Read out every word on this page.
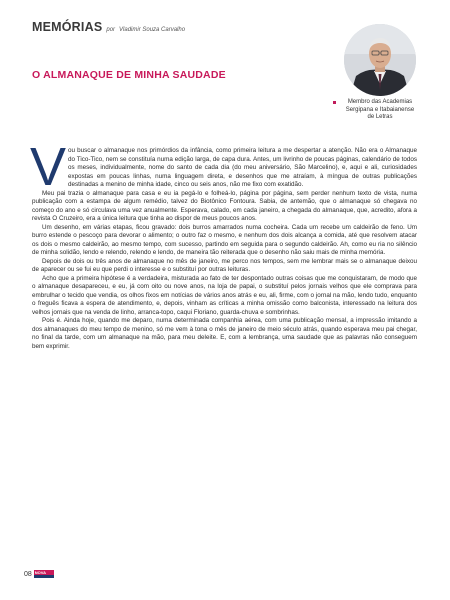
MEMÓRIAS por Vladimir Souza Carvalho
Membro das Academias
Sergipana e Itabaianense
de Letras
O ALMANAQUE DE MINHA SAUDADE
V ou buscar o almanaque nos primórdios da infância, como primeira leitura a me despertar a atenção. Não era o Almanaque do Tico-Tico, nem se constituía numa edição larga, de capa dura. Antes, um livrinho de poucas páginas, calendário de todos os meses, individualmente, nome do santo de cada dia (do meu aniversário, São Marcelino), e, aqui e ali, curiosidades expostas em poucas linhas, numa linguagem direta, e desenhos que me atraíam, à míngua de outras publicações destinadas a menino de minha idade, cinco ou seis anos, não me fixo com exatidão.

Meu pai trazia o almanaque para casa e eu ia pegá-lo e folheá-lo, página por página, sem perder nenhum texto de vista, numa publicação com a estampa de algum remédio, talvez do Biotônico Fontoura. Sabia, de antemão, que o almanaque só chegava no começo do ano e só circulava uma vez anualmente. Esperava, calado, em cada janeiro, a chegada do almanaque, que, acredito, afora a revista O Cruzeiro, era a única leitura que tinha ao dispor de meus poucos anos.

Um desenho, em várias etapas, ficou gravado: dois burros amarrados numa cocheira. Cada um recebe um caldeirão de feno. Um burro estende o pescoço para devorar o alimento; o outro faz o mesmo, e nenhum dos dois alcança a comida, até que resolvem atacar os dois o mesmo caldeirão, ao mesmo tempo, com sucesso, partindo em seguida para o segundo caldeirão. Ah, como eu ria no silêncio de minha solidão, lendo e relendo, relendo e lendo, de maneira tão reiterada que o desenho não saiu mais de minha memória.

Depois de dois ou três anos de almanaque no mês de janeiro, me perco nos tempos, sem me lembrar mais se o almanaque deixou de aparecer ou se fui eu que perdi o interesse e o substituí por outras leituras.

Acho que a primeira hipótese é a verdadeira, misturada ao fato de ter despontado outras coisas que me conquistaram, de modo que o almanaque desapareceu, e eu, já com oito ou nove anos, na loja de papai, o substituí pelos jornais velhos que ele comprava para embrulhar o tecido que vendia, os olhos fixos em notícias de vários anos atrás e eu, ali, firme, com o jornal na mão, lendo tudo, enquanto o freguês ficava a espera de atendimento, e, depois, vinham as críticas a minha omissão como balconista, interessado na leitura dos velhos jornais que na venda de linho, arranca-topo, caqui Floriano, guarda-chuva e sombrinhas.

Pois é. Ainda hoje, quando me deparo, numa determinada companhia aérea, com uma publicação mensal, a impressão imitando a dos almanaques do meu tempo de menino, só me vem à tona o mês de janeiro de meio século atrás, quando esperava meu pai chegar, no final da tarde, com um almanaque na mão, para meu deleite. E, com a lembrança, uma saudade que as palavras não conseguem bem exprimir.

08 NOVA
